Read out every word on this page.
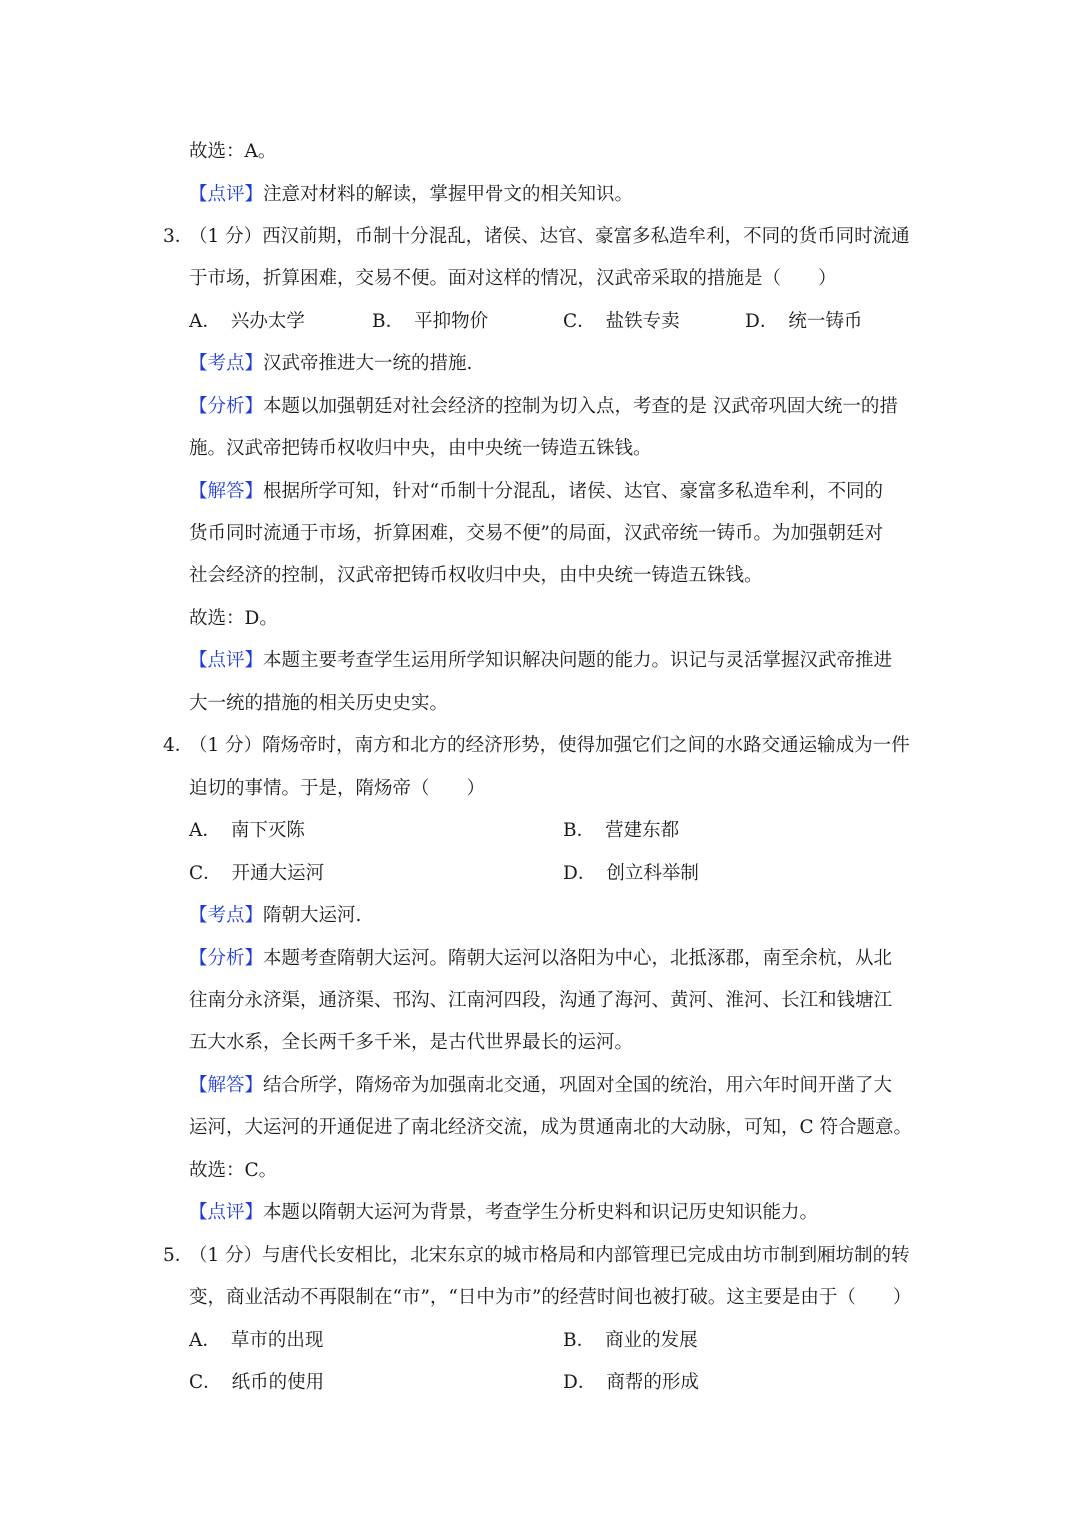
故选：A。
【点评】注意对材料的解读，掌握甲骨文的相关知识。
3．
（1 分）西汉前期，币制十分混乱，诸侯、达官、豪富多私造牟利，不同的货币同时流通
于市场，折算困难，交易不便。面对这样的情况，汉武帝采取的措施是（　　）
A． 兴办太学	B． 平抑物价	C． 盐铁专卖	D． 统一铸币
【考点】汉武帝推进大一统的措施.
【分析】本题以加强朝廷对社会经济的控制为切入点，考查的是 汉武帝巩固大统一的措
施。汉武帝把铸币权收归中央，由中央统一铸造五铢钱。
【解答】根据所学可知，针对“币制十分混乱，诸侯、达官、豪富多私造牟利，不同的
货币同时流通于市场，折算困难，交易不便”的局面，汉武帝统一铸币。为加强朝廷对
社会经济的控制，汉武帝把铸币权收归中央，由中央统一铸造五铢钱。
故选：D。
【点评】本题主要考查学生运用所学知识解决问题的能力。识记与灵活掌握汉武帝推进
大一统的措施的相关历史史实。
4．
（1 分）隋炀帝时，南方和北方的经济形势，使得加强它们之间的水路交通运输成为一件
迫切的事情。于是，隋炀帝（　　）
A． 南下灭陈	B． 营建东都
C． 开通大运河	D． 创立科举制
【考点】隋朝大运河.
【分析】本题考查隋朝大运河。隋朝大运河以洛阳为中心，北抵涿郡，南至余杭，从北
往南分永济渠，通济渠、邗沟、江南河四段，沟通了海河、黄河、淮河、长江和钱塘江
五大水系，全长两千多千米，是古代世界最长的运河。
【解答】结合所学，隋炀帝为加强南北交通，巩固对全国的统治，用六年时间开凿了大
运河，大运河的开通促进了南北经济交流，成为贯通南北的大动脉，可知，C 符合题意。
故选：C。
【点评】本题以隋朝大运河为背景，考查学生分析史料和识记历史知识能力。
5．
（1 分）与唐代长安相比，北宋东京的城市格局和内部管理已完成由坊市制到厢坊制的转
变，商业活动不再限制在“市”，“日中为市”的经营时间也被打破。这主要是由于（　　）
A． 草市的出现	B． 商业的发展
C． 纸币的使用	D． 商帮的形成
